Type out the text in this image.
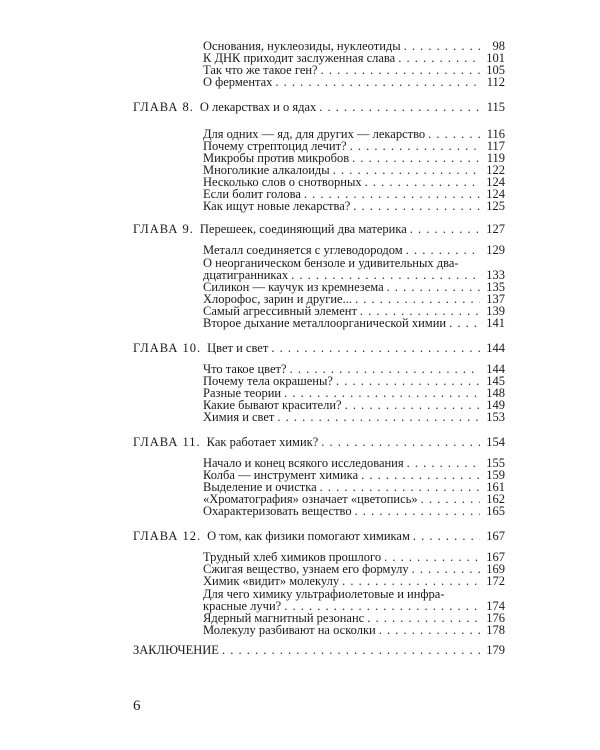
Основания, нуклеозиды, нуклеотиды . . .	98
К ДНК приходит заслуженная слава . . .	101
Так что же такое ген? . . .	105
О ферментах . . .	112
ГЛАВА 8. О лекарствах и о ядах . . .	115
Для одних — яд, для других — лекарство . . .	116
Почему стрептоцид лечит? . . .	117
Микробы против микробов . . .	119
Многоликие алкалоиды . . .	122
Несколько слов о снотворных . . .	124
Если болит голова . . .	124
Как ищут новые лекарства? . . .	125
ГЛАВА 9. Перешеек, соединяющий два материка . . .	127
Металл соединяется с углеводородом . . .	129
О неорганическом бензоле и удивительных два-
дцатигранниках . . .	133
Силикон — каучук из кремнезема . . .	135
Хлорофос, зарин и другие... . . .	137
Самый агрессивный элемент . . .	139
Второе дыхание металлоорганической химии . . .	141
ГЛАВА 10. Цвет и свет . . .	144
Что такое цвет? . . .	144
Почему тела окрашены? . . .	145
Разные теории . . .	148
Какие бывают красители? . . .	149
Химия и свет . . .	153
ГЛАВА 11. Как работает химик? . . .	154
Начало и конец всякого исследования . . .	155
Колба — инструмент химика . . .	159
Выделение и очистка . . .	161
«Хроматография» означает «цветопись» . . .	162
Охарактеризовать вещество . . .	165
ГЛАВА 12. О том, как физики помогают химикам . . .	167
Трудный хлеб химиков прошлого . . .	167
Сжигая вещество, узнаем его формулу . . .	169
Химик «видит» молекулу . . .	172
Для чего химику ультрафиолетовые и инфра-
красные лучи? . . .	174
Ядерный магнитный резонанс . . .	176
Молекулу разбивают на осколки . . .	178
ЗАКЛЮЧЕНИЕ . . .	179
6
